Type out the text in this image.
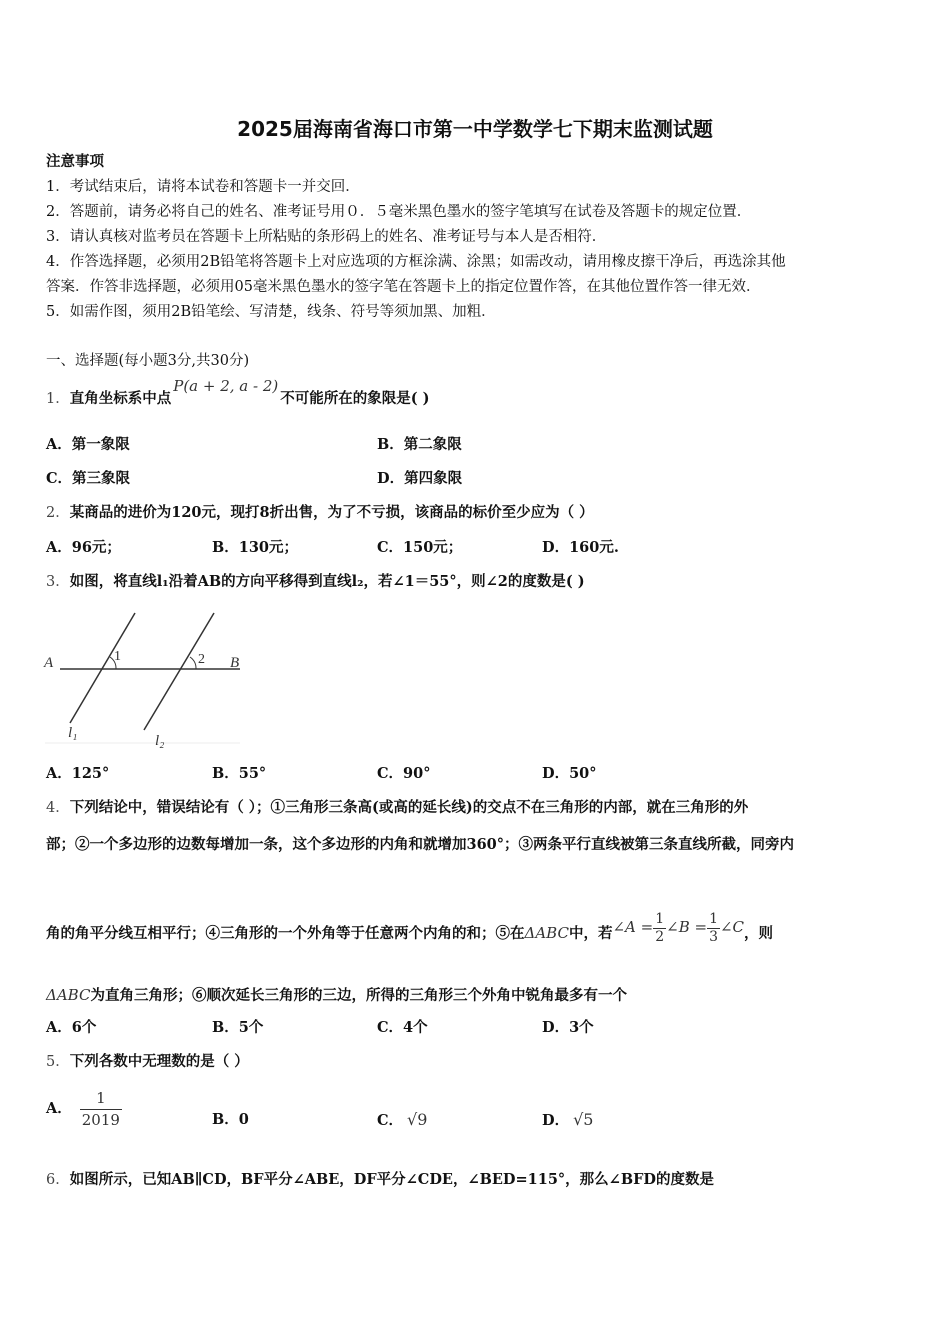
2025届海南省海口市第一中学数学七下期末监测试题
注意事项
1．考试结束后，请将本试卷和答题卡一并交回．
2．答题前，请务必将自己的姓名、准考证号用０．５毫米黑色墨水的签字笔填写在试卷及答题卡的规定位置．
3．请认真核对监考员在答题卡上所粘贴的条形码上的姓名、准考证号与本人是否相符．
4．作答选择题，必须用2B铅笔将答题卡上对应选项的方框涂满、涂黑；如需改动，请用橡皮擦干净后，再选涂其他
答案．作答非选择题，必须用05毫米黑色墨水的签字笔在答题卡上的指定位置作答，在其他位置作答一律无效．
5．如需作图，须用2B铅笔绘、写清楚，线条、符号等须加黑、加粗．
一、选择题(每小题3分,共30分)
1．直角坐标系中点P(a + 2, a - 2)不可能所在的象限是( )
A．第一象限	B．第二象限
C．第三象限	D．第四象限
2．某商品的进价为120元，现打8折出售，为了不亏损，该商品的标价至少应为（ ）
A．96元；	B．130元；	C．150元；	D．160元.
3．如图，将直线l₁沿着AB的方向平移得到直线l₂，若∠1＝55°，则∠2的度数是( )
A	B
1	2
l₁	l₂
A．125°	B．55°	C．90°	D．50°
4．下列结论中，错误结论有（ ）；①三角形三条高(或高的延长线)的交点不在三角形的内部，就在三角形的外
部；②一个多边形的边数每增加一条，这个多边形的内角和就增加360°；③两条平行直线被第三条直线所截，同旁内
角的角平分线互相平行；④三角形的一个外角等于任意两个内角的和；⑤在ΔABC中，若∠A = $\frac{1}{2}$ ∠B = $\frac{1}{3}$ ∠C，则
ΔABC为直角三角形；⑥顺次延长三角形的三边，所得的三角形三个外角中锐角最多有一个
A．6个	B．5个	C．4个	D．3个
5．下列各数中无理数的是（ ）
A． $\frac{1}{2019}$	B．0	C． √9	D． √5
6．如图所示，已知AB∥CD，BF平分∠ABE，DF平分∠CDE，∠BED=115°，那么∠BFD的度数是
